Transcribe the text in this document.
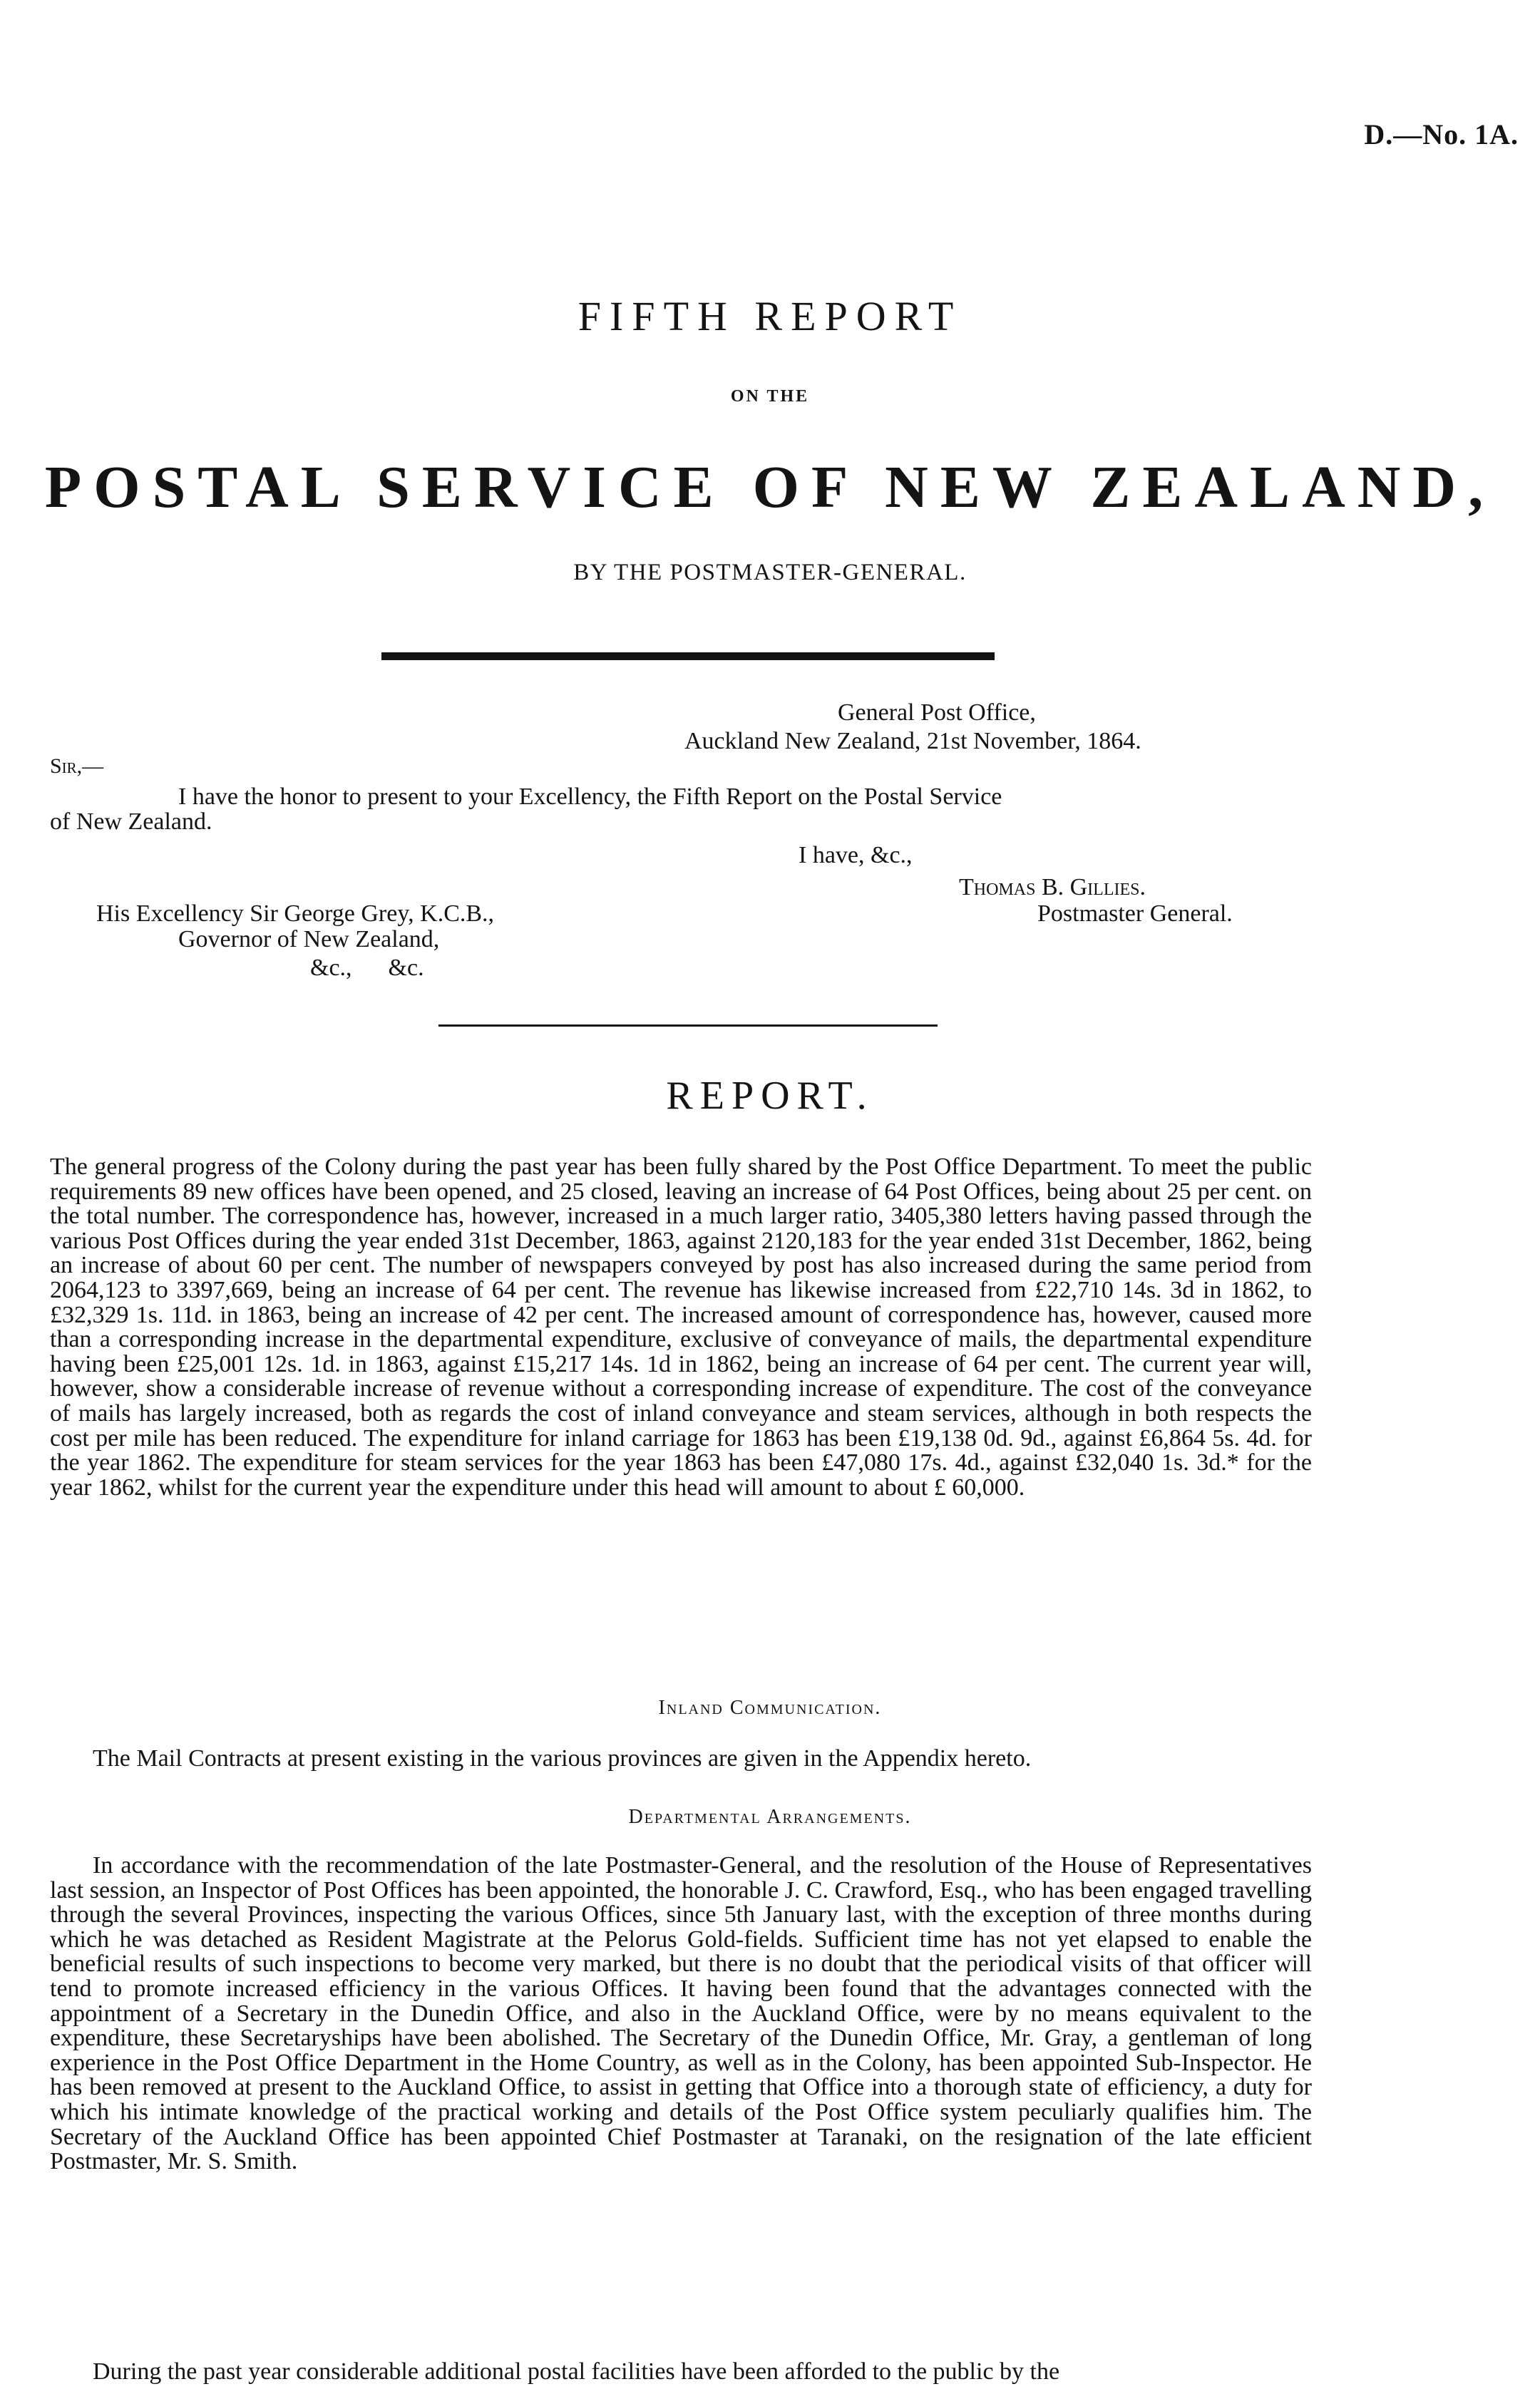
D.—No. 1A.
FIFTH REPORT
ON THE
POSTAL SERVICE OF NEW ZEALAND,
BY THE POSTMASTER-GENERAL.
General Post Office,
Auckland New Zealand, 21st November, 1864.
Sir,—
I have the honor to present to your Excellency, the Fifth Report on the Postal Service
of New Zealand.
I have, &c.,
Thomas B. Gillies.
His Excellency Sir George Grey, K.C.B.,	Postmaster General.
Governor of New Zealand,
&c.,      &c.
REPORT.
The general progress of the Colony during the past year has been fully shared by the Post Office Department. To meet the public requirements 89 new offices have been opened, and 25 closed, leaving an increase of 64 Post Offices, being about 25 per cent. on the total number. The correspondence has, however, increased in a much larger ratio, 3405,380 letters having passed through the various Post Offices during the year ended 31st December, 1863, against 2120,183 for the year ended 31st December, 1862, being an increase of about 60 per cent. The number of newspapers conveyed by post has also increased during the same period from 2064,123 to 3397,669, being an increase of 64 per cent. The revenue has likewise increased from £22,710 14s. 3d in 1862, to £32,329 1s. 11d. in 1863, being an increase of 42 per cent. The increased amount of correspondence has, however, caused more than a corresponding increase in the departmental expenditure, exclusive of conveyance of mails, the departmental expenditure having been £25,001 12s. 1d. in 1863, against £15,217 14s. 1d in 1862, being an increase of 64 per cent. The current year will, however, show a considerable increase of revenue without a corresponding increase of expenditure. The cost of the conveyance of mails has largely increased, both as regards the cost of inland conveyance and steam services, although in both respects the cost per mile has been reduced. The expenditure for inland carriage for 1863 has been £19,138 0d. 9d., against £6,864 5s. 4d. for the year 1862. The expenditure for steam services for the year 1863 has been £47,080 17s. 4d., against £32,040 1s. 3d.* for the year 1862, whilst for the current year the expenditure under this head will amount to about £ 60,000.
Inland Communication.
The Mail Contracts at present existing in the various provinces are given in the Appendix hereto.
Departmental Arrangements.
In accordance with the recommendation of the late Postmaster-General, and the resolution of the House of Representatives last session, an Inspector of Post Offices has been appointed, the honorable J. C. Crawford, Esq., who has been engaged travelling through the several Provinces, inspecting the various Offices, since 5th January last, with the exception of three months during which he was detached as Resident Magistrate at the Pelorus Gold-fields. Sufficient time has not yet elapsed to enable the beneficial results of such inspections to become very marked, but there is no doubt that the periodical visits of that officer will tend to promote increased efficiency in the various Offices. It having been found that the advantages connected with the appointment of a Secretary in the Dunedin Office, and also in the Auckland Office, were by no means equivalent to the expenditure, these Secretaryships have been abolished. The Secretary of the Dunedin Office, Mr. Gray, a gentleman of long experience in the Post Office Department in the Home Country, as well as in the Colony, has been appointed Sub-Inspector. He has been removed at present to the Auckland Office, to assist in getting that Office into a thorough state of efficiency, a duty for which his intimate knowledge of the practical working and details of the Post Office system peculiarly qualifies him. The Secretary of the Auckland Office has been appointed Chief Postmaster at Taranaki, on the resignation of the late efficient Postmaster, Mr. S. Smith.
During the past year considerable additional postal facilities have been afforded to the public by the
